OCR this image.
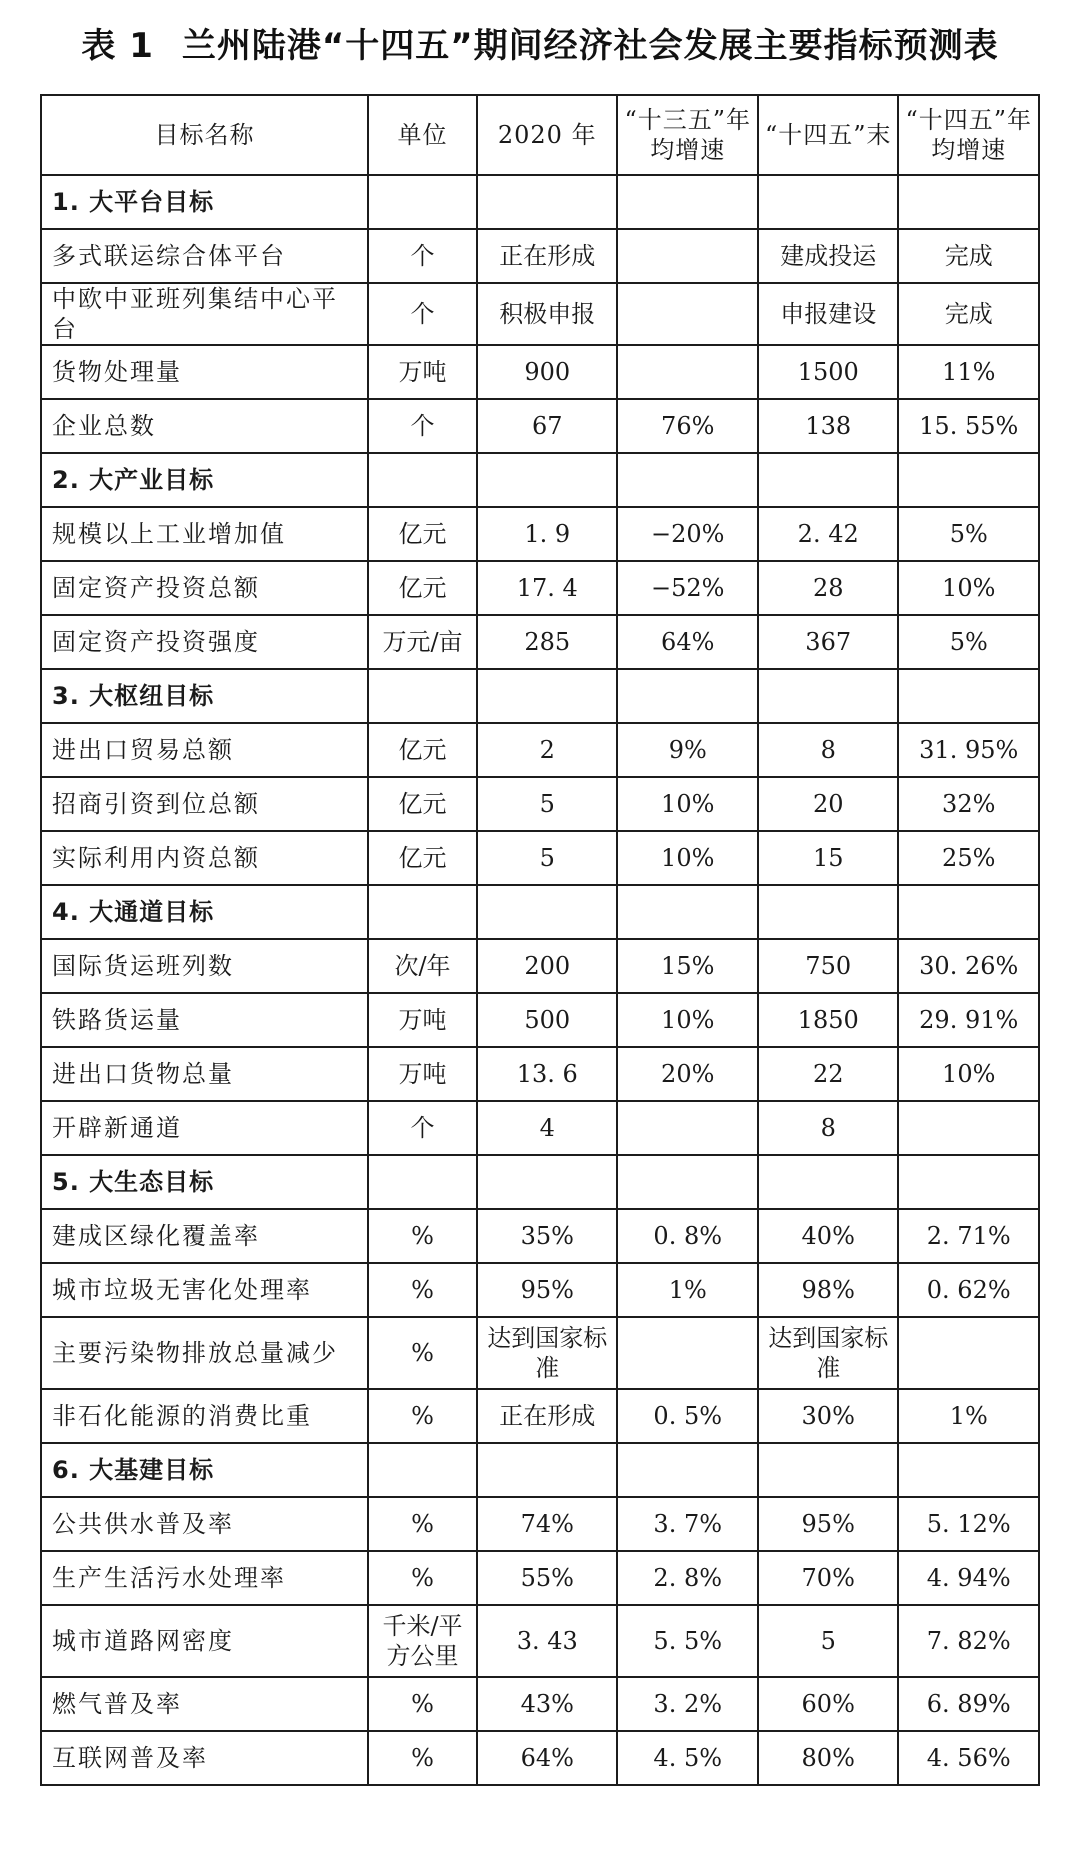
表 1 兰州陆港“十四五”期间经济社会发展主要指标预测表
目标名称	单位	2020 年	“十三五”年均增速	“十四五”末	“十四五”年均增速
1. 大平台目标					
多式联运综合体平台	个	正在形成		建成投运	完成
中欧中亚班列集结中心平台	个	积极申报		申报建设	完成
货物处理量	万吨	900		1500	11%
企业总数	个	67	76%	138	15. 55%
2. 大产业目标					
规模以上工业增加值	亿元	1. 9	−20%	2. 42	5%
固定资产投资总额	亿元	17. 4	−52%	28	10%
固定资产投资强度	万元/亩	285	64%	367	5%
3. 大枢纽目标					
进出口贸易总额	亿元	2	9%	8	31. 95%
招商引资到位总额	亿元	5	10%	20	32%
实际利用内资总额	亿元	5	10%	15	25%
4. 大通道目标					
国际货运班列数	次/年	200	15%	750	30. 26%
铁路货运量	万吨	500	10%	1850	29. 91%
进出口货物总量	万吨	13. 6	20%	22	10%
开辟新通道	个	4		8	
5. 大生态目标					
建成区绿化覆盖率	%	35%	0. 8%	40%	2. 71%
城市垃圾无害化处理率	%	95%	1%	98%	0. 62%
主要污染物排放总量减少	%	达到国家标准		达到国家标准	
非石化能源的消费比重	%	正在形成	0. 5%	30%	1%
6. 大基建目标					
公共供水普及率	%	74%	3. 7%	95%	5. 12%
生产生活污水处理率	%	55%	2. 8%	70%	4. 94%
城市道路网密度	千米/平方公里	3. 43	5. 5%	5	7. 82%
燃气普及率	%	43%	3. 2%	60%	6. 89%
互联网普及率	%	64%	4. 5%	80%	4. 56%
